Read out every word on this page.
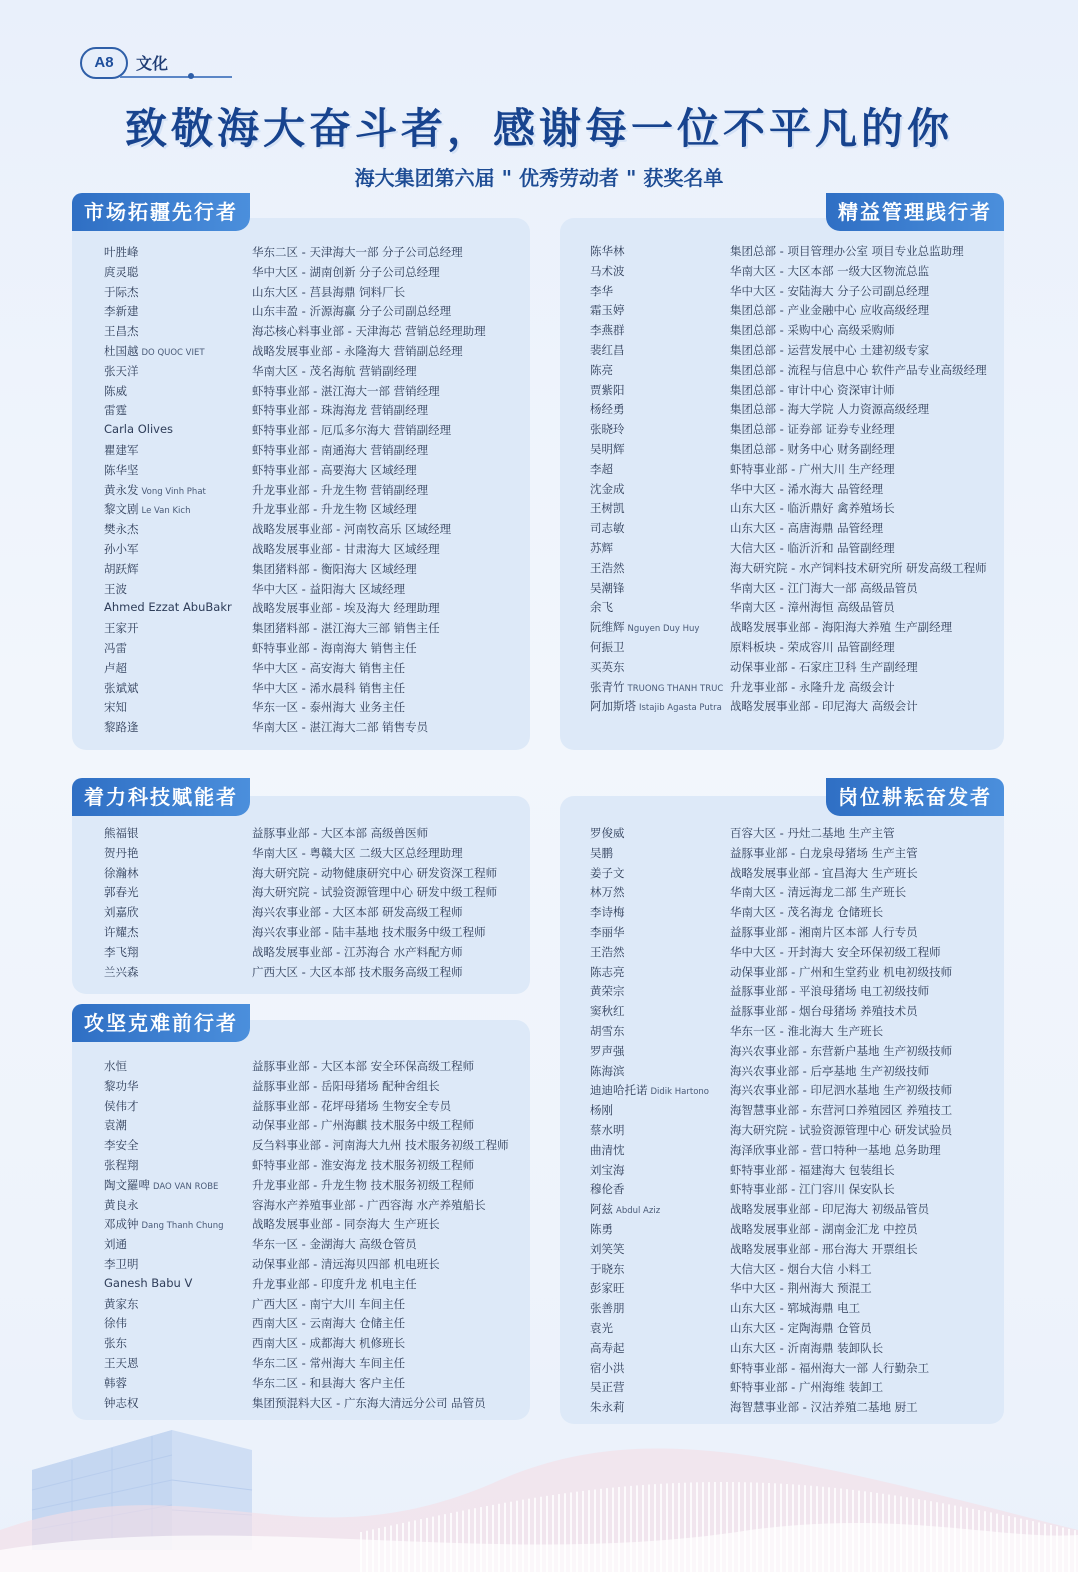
A8	文化
致敬海大奋斗者，感谢每一位不平凡的你
海大集团第六届 " 优秀劳动者 " 获奖名单
市场拓疆先行者	精益管理践行者
着力科技赋能者
攻坚克难前行者
岗位耕耘奋发者
叶胜峰	华东二区 - 天津海大一部 分子公司总经理
庹灵聪	华中大区 - 湖南创新 分子公司总经理
于际杰	山东大区 - 莒县海鼎 饲料厂长
李新建	山东丰盈 - 沂源海赢 分子公司副总经理
王昌杰	海芯核心料事业部 - 天津海芯 营销总经理助理
杜国越 DO QUOC VIET	战略发展事业部 - 永隆海大 营销副总经理
张天洋	华南大区 - 茂名海航 营销副经理
陈威	虾特事业部 - 湛江海大一部 营销经理
雷霆	虾特事业部 - 珠海海龙 营销副经理
Carla Olives	虾特事业部 - 厄瓜多尔海大 营销副经理
瞿建军	虾特事业部 - 南通海大 营销副经理
陈华坚	虾特事业部 - 高要海大 区域经理
黄永发 Vong Vinh Phat	升龙事业部 - 升龙生物 营销副经理
黎文剧 Le Van Kich	升龙事业部 - 升龙生物 区域经理
樊永杰	战略发展事业部 - 河南牧高乐 区域经理
孙小军	战略发展事业部 - 甘肃海大 区域经理
胡跃辉	集团猪料部 - 衡阳海大 区域经理
王波	华中大区 - 益阳海大 区域经理
Ahmed Ezzat AbuBakr 战略发展事业部 - 埃及海大 经理助理
王家开	集团猪料部 - 湛江海大三部 销售主任
冯雷	虾特事业部 - 海南海大 销售主任
卢超	华中大区 - 高安海大 销售主任
张斌斌	华中大区 - 浠水晨科 销售主任
宋知	华东一区 - 泰州海大 业务主任
黎路逢	华南大区 - 湛江海大二部 销售专员
陈华林	集团总部 - 项目管理办公室 项目专业总监助理
马术波	华南大区 - 大区本部 一级大区物流总监
李华	华中大区 - 安陆海大 分子公司副总经理
霜玉婷	集团总部 - 产业金融中心 应收高级经理
李燕群	集团总部 - 采购中心 高级采购师
裴红昌	集团总部 - 运营发展中心 土建初级专家
陈亮	集团总部 - 流程与信息中心 软件产品专业高级经理
贾紫阳	集团总部 - 审计中心 资深审计师
杨经勇	集团总部 - 海大学院 人力资源高级经理
张晓玲	集团总部 - 证券部 证券专业经理
吴明辉	集团总部 - 财务中心 财务副经理
李超	虾特事业部 - 广州大川 生产经理
沈金成	华中大区 - 浠水海大 品管经理
王树凯	山东大区 - 临沂鼎好 禽养殖场长
司志敏	山东大区 - 高唐海鼎 品管经理
苏辉	大信大区 - 临沂沂和 品管副经理
王浩然	海大研究院 - 水产饲料技术研究所 研发高级工程师
吴潮锋	华南大区 - 江门海大一部 高级品管员
余飞	华南大区 - 漳州海恒 高级品管员
阮维辉 Nguyen Duy Huy	战略发展事业部 - 海阳海大养殖 生产副经理
何振卫	原料板块 - 荣成容川 品管副经理
买英东	动保事业部 - 石家庄卫科 生产副经理
张青竹 TRUONG THANH TRUC 升龙事业部 - 永隆升龙 高级会计
阿加斯塔 Istajib Agasta Putra 战略发展事业部 - 印尼海大 高级会计
熊福银	益豚事业部 - 大区本部 高级兽医师
贺丹艳	华南大区 - 粤赣大区 二级大区总经理助理
徐瀚林	海大研究院 - 动物健康研究中心 研发资深工程师
郭春光	海大研究院 - 试验资源管理中心 研发中级工程师
刘嘉欣	海兴农事业部 - 大区本部 研发高级工程师
许耀杰	海兴农事业部 - 陆丰基地 技术服务中级工程师
李飞翔	战略发展事业部 - 江苏海合 水产料配方师
兰兴森	广西大区 - 大区本部 技术服务高级工程师
水恒	益豚事业部 - 大区本部 安全环保高级工程师
黎功华	益豚事业部 - 岳阳母猪场 配种舍组长
侯伟才	益豚事业部 - 花坪母猪场 生物安全专员
袁潮	动保事业部 - 广州海麒 技术服务中级工程师
李安全	反刍料事业部 - 河南海大九州 技术服务初级工程师
张程翔	虾特事业部 - 淮安海龙 技术服务初级工程师
陶文羅啤 DAO VAN ROBE	升龙事业部 - 升龙生物 技术服务初级工程师
黄良永	容海水产养殖事业部 - 广西容海 水产养殖船长
邓成钟 Dang Thanh Chung 战略发展事业部 - 同奈海大 生产班长
刘通	华东一区 - 金湖海大 高级仓管员
李卫明	动保事业部 - 清远海贝四部 机电班长
Ganesh Babu V	升龙事业部 - 印度升龙 机电主任
黄家东	广西大区 - 南宁大川 车间主任
徐伟	西南大区 - 云南海大 仓储主任
张东	西南大区 - 成都海大 机修班长
王天恩	华东二区 - 常州海大 车间主任
韩蓉	华东二区 - 和县海大 客户主任
钟志权	集团预混料大区 - 广东海大清远分公司 品管员
罗俊威	百容大区 - 丹灶二基地 生产主管
吴鹏	益豚事业部 - 白龙泉母猪场 生产主管
姜子文	战略发展事业部 - 宜昌海大 生产班长
林万然	华南大区 - 清远海龙二部 生产班长
李诗梅	华南大区 - 茂名海龙 仓储班长
李丽华	益豚事业部 - 湘南片区本部 人行专员
王浩然	华中大区 - 开封海大 安全环保初级工程师
陈志亮	动保事业部 - 广州和生堂药业 机电初级技师
黄荣宗	益豚事业部 - 平浪母猪场 电工初级技师
窦秋红	益豚事业部 - 烟台母猪场 养殖技术员
胡雪东	华东一区 - 淮北海大 生产班长
罗声强	海兴农事业部 - 东营新户基地 生产初级技师
陈海滨	海兴农事业部 - 后亭基地 生产初级技师
迪迪哈托诺 Didik Hartono 海兴农事业部 - 印尼泗水基地 生产初级技师
杨刚	海智慧事业部 - 东营河口养殖园区 养殖技工
蔡水明	海大研究院 - 试验资源管理中心 研发试验员
曲清忱	海泽欣事业部 - 营口特种一基地 总务助理
刘宝海	虾特事业部 - 福建海大 包装组长
穆伦香	虾特事业部 - 江门容川 保安队长
阿兹 Abdul Aziz	战略发展事业部 - 印尼海大 初级品管员
陈勇	战略发展事业部 - 湖南金汇龙 中控员
刘笑笑	战略发展事业部 - 邢台海大 开票组长
于晓东	大信大区 - 烟台大信 小料工
彭家旺	华中大区 - 荆州海大 预混工
张善朋	山东大区 - 郓城海鼎 电工
袁光	山东大区 - 定陶海鼎 仓管员
高寿起	山东大区 - 沂南海鼎 装卸队长
宿小洪	虾特事业部 - 福州海大一部 人行勤杂工
吴正营	虾特事业部 - 广州海维 装卸工
朱永莉	海智慧事业部 - 汉沽养殖二基地 厨工
